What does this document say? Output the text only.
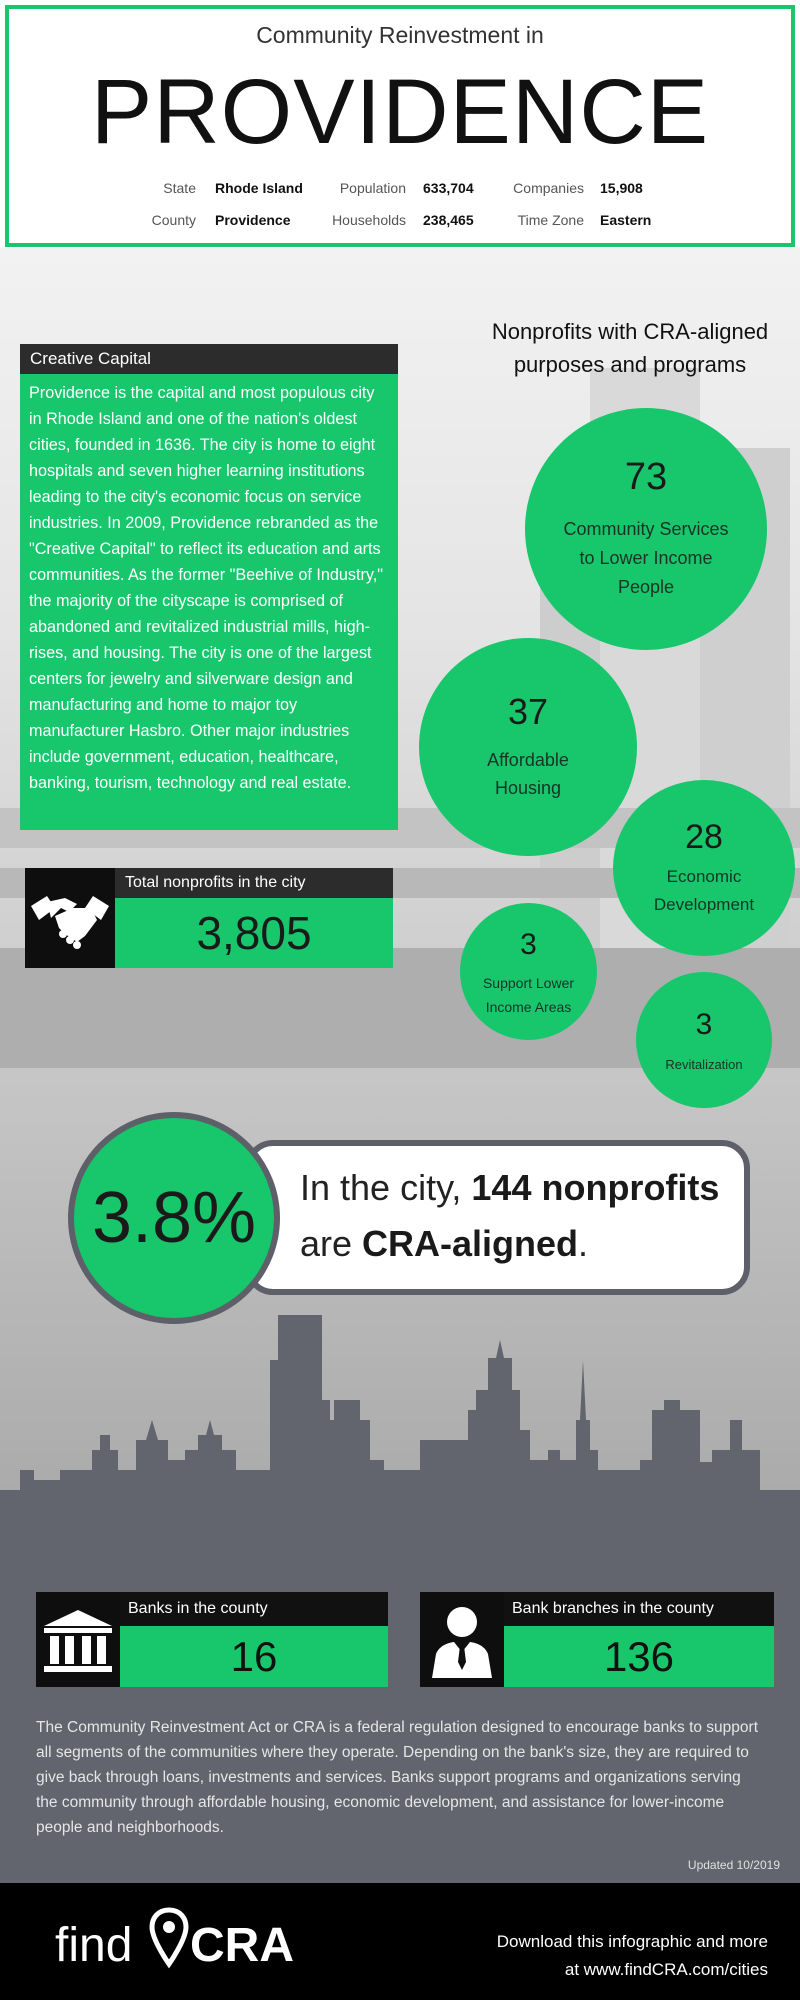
Community Reinvestment in
PROVIDENCE
State Rhode Island
County Providence
Population 633,704
Households 238,465
Companies 15,908
Time Zone Eastern
Creative Capital
Providence is the capital and most populous city in Rhode Island and one of the nation's oldest cities, founded in 1636. The city is home to eight hospitals and seven higher learning institutions leading to the city's economic focus on service industries. In 2009, Providence rebranded as the "Creative Capital" to reflect its education and arts communities. As the former "Beehive of Industry," the majority of the cityscape is comprised of abandoned and revitalized industrial mills, high-rises, and housing. The city is one of the largest centers for jewelry and silverware design and manufacturing and home to major toy manufacturer Hasbro. Other major industries include government, education, healthcare, banking, tourism, technology and real estate.
Total nonprofits in the city
3,805
Nonprofits with CRA-aligned purposes and programs
73
Community Services to Lower Income People
37
Affordable Housing
28
Economic Development
3
Support Lower Income Areas
3
Revitalization
3.8%	In the city, 144 nonprofits
are CRA-aligned.
Banks in the county
16
Bank branches in the county
136
The Community Reinvestment Act or CRA is a federal regulation designed to encourage banks to support all segments of the communities where they operate. Depending on the bank's size, they are required to give back through loans, investments and services. Banks support programs and organizations serving the community through affordable housing, economic development, and assistance for lower-income people and neighborhoods.
Updated 10/2019
find CRA	Download this infographic and more
at www.findCRA.com/cities
